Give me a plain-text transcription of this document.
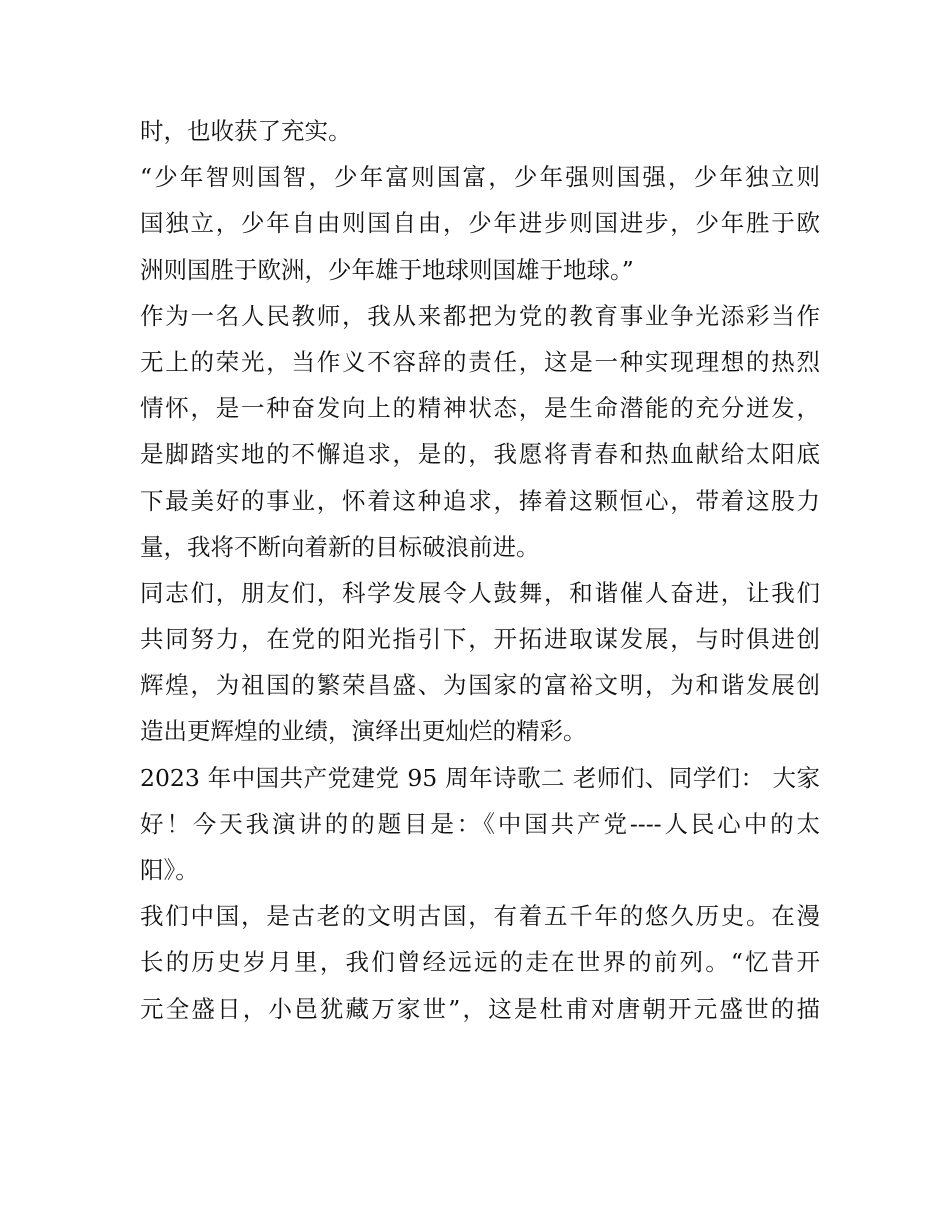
时，也收获了充实。
“少年智则国智，少年富则国富，少年强则国强，少年独立则
国独立，少年自由则国自由，少年进步则国进步，少年胜于欧
洲则国胜于欧洲，少年雄于地球则国雄于地球。”
作为一名人民教师，我从来都把为党的教育事业争光添彩当作
无上的荣光，当作义不容辞的责任，这是一种实现理想的热烈
情怀，是一种奋发向上的精神状态，是生命潜能的充分迸发，
是脚踏实地的不懈追求，是的，我愿将青春和热血献给太阳底
下最美好的事业，怀着这种追求，捧着这颗恒心，带着这股力
量，我将不断向着新的目标破浪前进。
同志们，朋友们，科学发展令人鼓舞，和谐催人奋进，让我们
共同努力，在党的阳光指引下，开拓进取谋发展，与时俱进创
辉煌，为祖国的繁荣昌盛、为国家的富裕文明，为和谐发展创
造出更辉煌的业绩，演绎出更灿烂的精彩。
2023 年中国共产党建党 95 周年诗歌二 老师们、同学们： 大家
好！今天我演讲的的题目是：《中国共产党----人民心中的太
阳》。
我们中国，是古老的文明古国，有着五千年的悠久历史。在漫
长的历史岁月里，我们曾经远远的走在世界的前列。“忆昔开
元全盛日，小邑犹藏万家世”，这是杜甫对唐朝开元盛世的描
